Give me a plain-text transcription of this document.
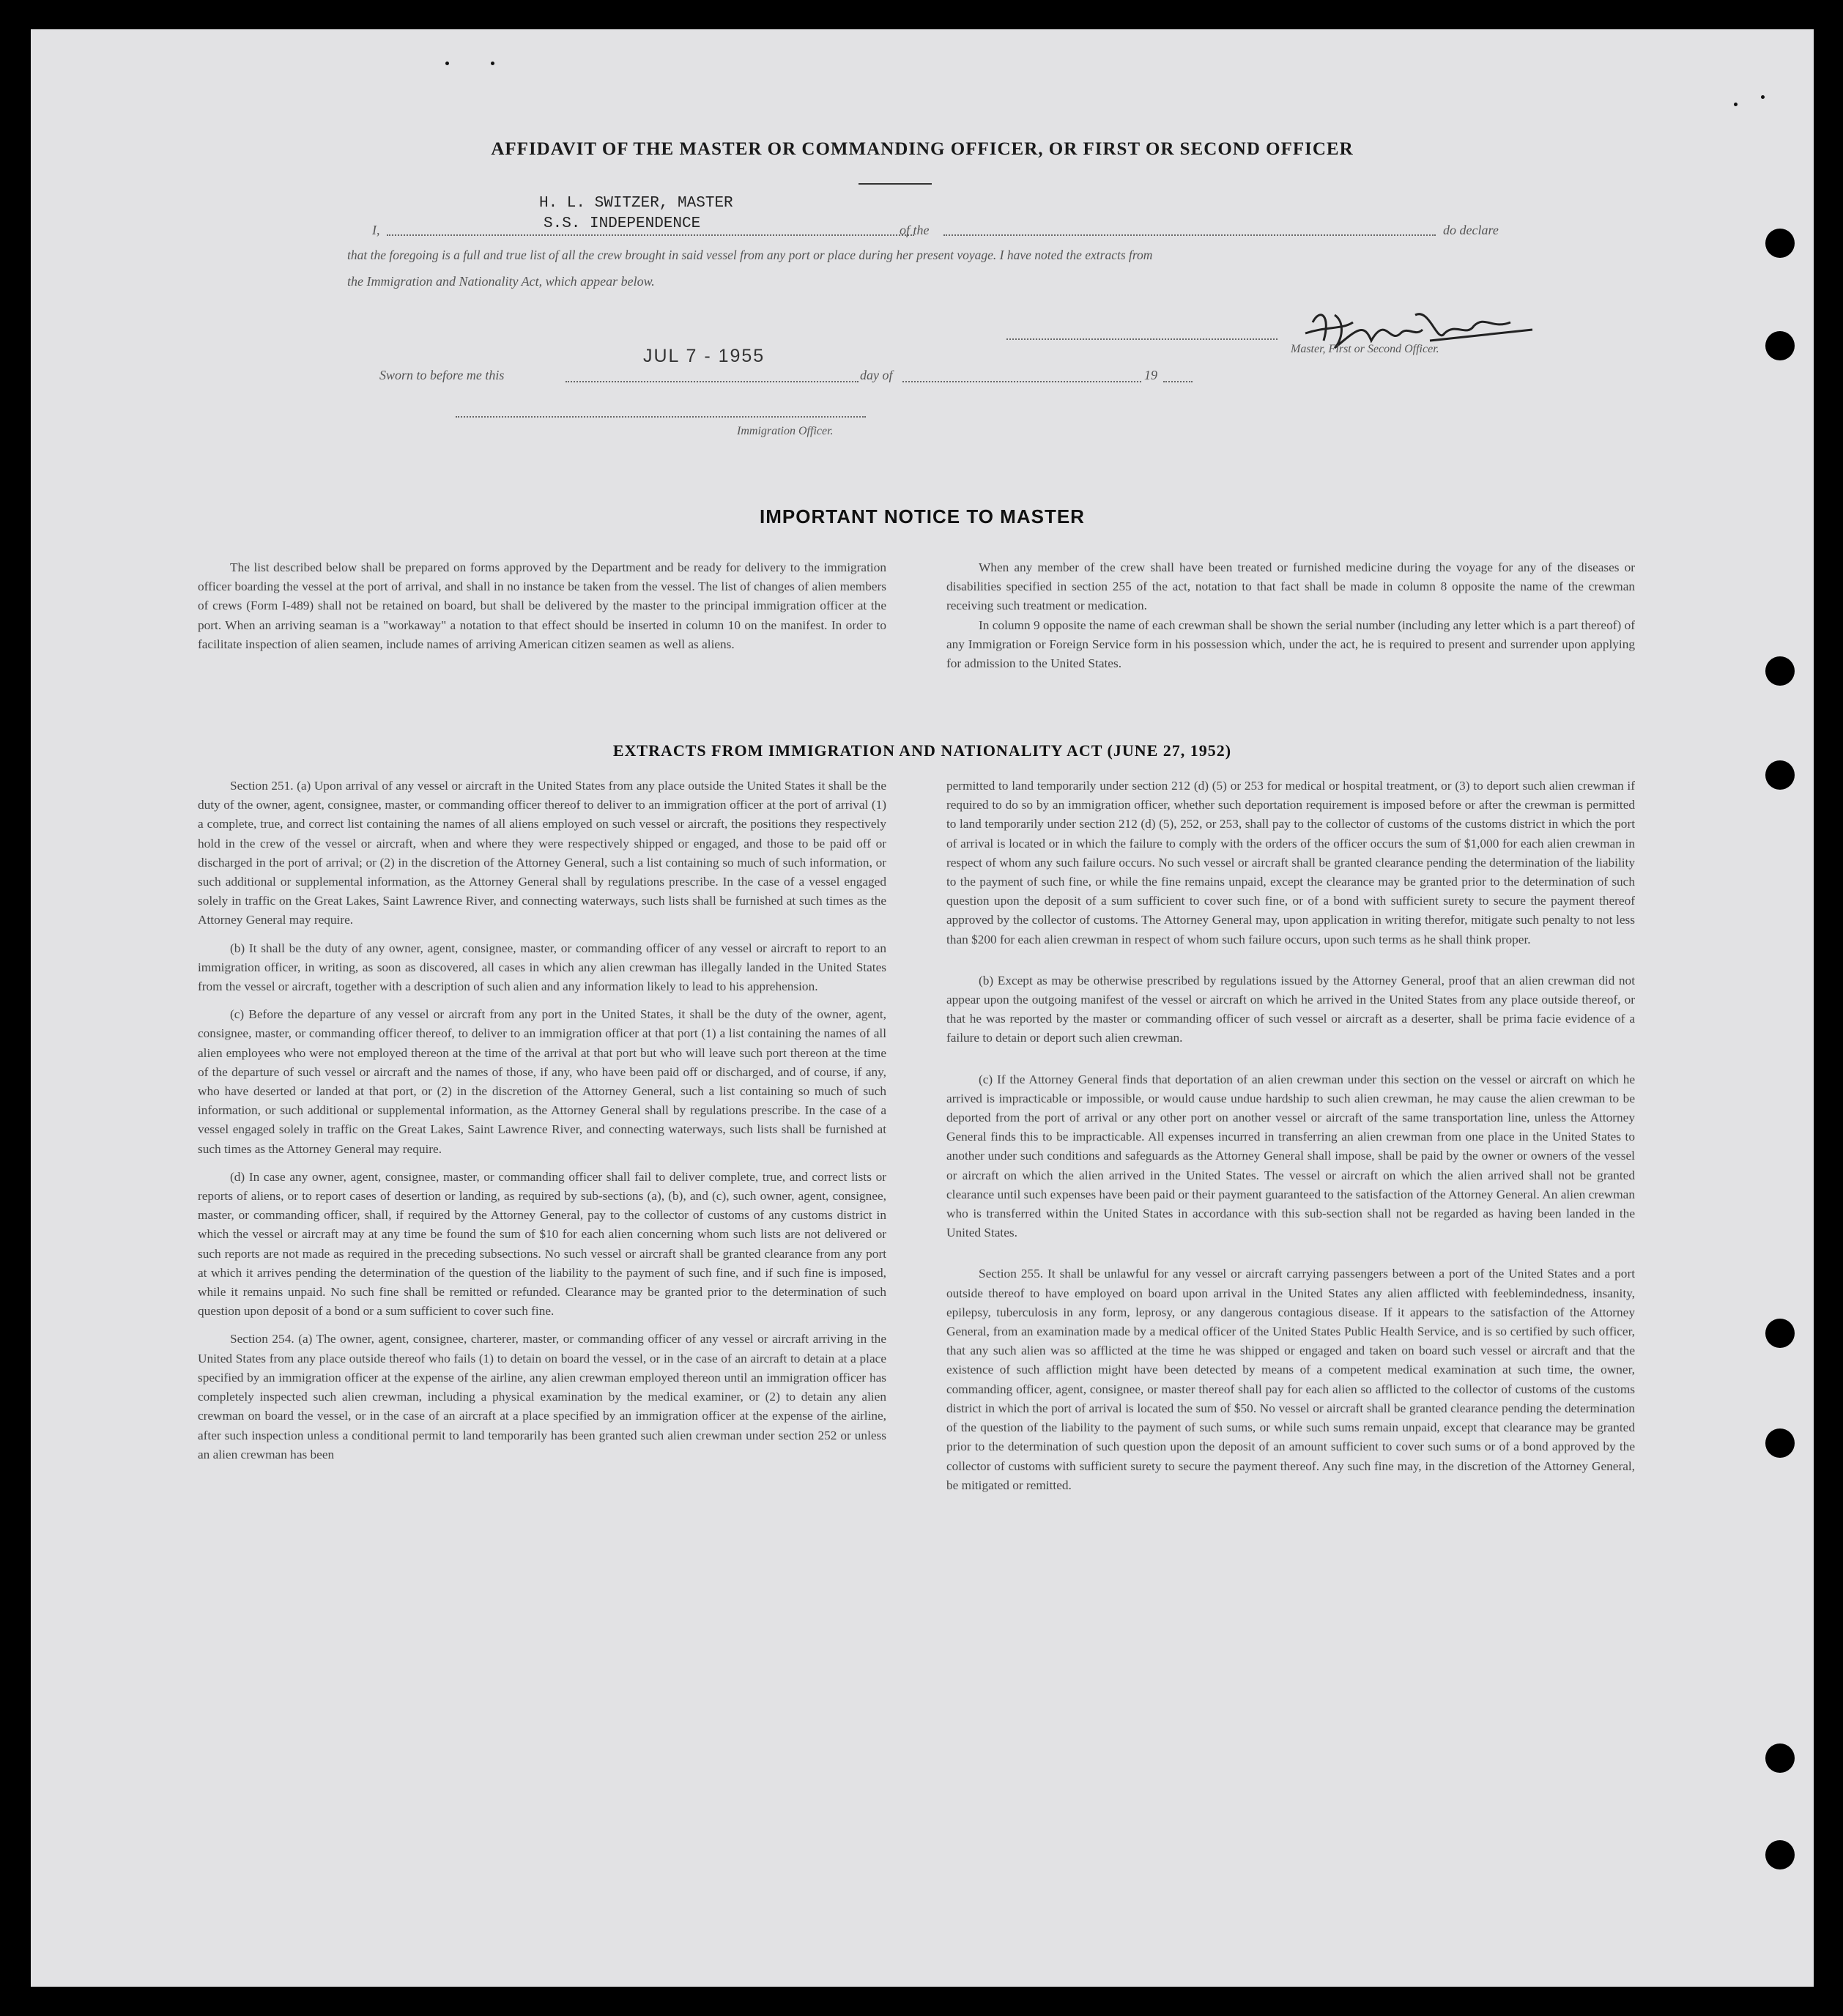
AFFIDAVIT OF THE MASTER OR COMMANDING OFFICER, OR FIRST OR SECOND OFFICER
H. L. SWITZER, MASTER
I,	S.S. INDEPENDENCE	of the	do declare
that the foregoing is a full and true list of all the crew brought in said vessel from any port or place during her present voyage. I have noted the extracts from
the Immigration and Nationality Act, which appear below.
Master, First or Second Officer.
Sworn to before me this
JUL 7 - 1955
day of	19
Immigration Officer.
IMPORTANT NOTICE TO MASTER

The list described below shall be prepared on forms approved by the Department and be ready for delivery to the immigration officer boarding the vessel at the port of arrival, and shall in no instance be taken from the vessel. The list of changes of alien members of crews (Form I-489) shall not be retained on board, but shall be delivered by the master to the principal immigration officer at the port. When an arriving seaman is a "workaway" a notation to that effect should be inserted in column 10 on the manifest. In order to facilitate inspection of alien seamen, include names of arriving American citizen seamen as well as aliens.

When any member of the crew shall have been treated or furnished medicine during the voyage for any of the diseases or disabilities specified in section 255 of the act, notation to that fact shall be made in column 8 opposite the name of the crewman receiving such treatment or medication.

In column 9 opposite the name of each crewman shall be shown the serial number (including any letter which is a part thereof) of any Immigration or Foreign Service form in his possession which, under the act, he is required to present and surrender upon applying for admission to the United States.

EXTRACTS FROM IMMIGRATION AND NATIONALITY ACT (JUNE 27, 1952)

Section 251. (a) Upon arrival of any vessel or aircraft in the United States from any place outside the United States it shall be the duty of the owner, agent, consignee, master, or commanding officer thereof to deliver to an immigration officer at the port of arrival (1) a complete, true, and correct list containing the names of all aliens employed on such vessel or aircraft, the positions they respectively hold in the crew of the vessel or aircraft, when and where they were respectively shipped or engaged, and those to be paid off or discharged in the port of arrival; or (2) in the discretion of the Attorney General, such a list containing so much of such information, or such additional or supplemental information, as the Attorney General shall by regulations prescribe. In the case of a vessel engaged solely in traffic on the Great Lakes, Saint Lawrence River, and connecting waterways, such lists shall be furnished at such times as the Attorney General may require.

(b) It shall be the duty of any owner, agent, consignee, master, or commanding officer of any vessel or aircraft to report to an immigration officer, in writing, as soon as discovered, all cases in which any alien crewman has illegally landed in the United States from the vessel or aircraft, together with a description of such alien and any information likely to lead to his apprehension.

(c) Before the departure of any vessel or aircraft from any port in the United States, it shall be the duty of the owner, agent, consignee, master, or commanding officer thereof, to deliver to an immigration officer at that port (1) a list containing the names of all alien employees who were not employed thereon at the time of the arrival at that port but who will leave such port thereon at the time of the departure of such vessel or aircraft and the names of those, if any, who have been paid off or discharged, and of course, if any, who have deserted or landed at that port, or (2) in the discretion of the Attorney General, such a list containing so much of such information, or such additional or supplemental information, as the Attorney General shall by regulations prescribe. In the case of a vessel engaged solely in traffic on the Great Lakes, Saint Lawrence River, and connecting waterways, such lists shall be furnished at such times as the Attorney General may require.

(d) In case any owner, agent, consignee, master, or commanding officer shall fail to deliver complete, true, and correct lists or reports of aliens, or to report cases of desertion or landing, as required by sub-sections (a), (b), and (c), such owner, agent, consignee, master, or commanding officer, shall, if required by the Attorney General, pay to the collector of customs of any customs district in which the vessel or aircraft may at any time be found the sum of $10 for each alien concerning whom such lists are not delivered or such reports are not made as required in the preceding subsections. No such vessel or aircraft shall be granted clearance from any port at which it arrives pending the determination of the question of the liability to the payment of such fine, and if such fine is imposed, while it remains unpaid. No such fine shall be remitted or refunded. Clearance may be granted prior to the determination of such question upon deposit of a bond or a sum sufficient to cover such fine.

Section 254. (a) The owner, agent, consignee, charterer, master, or commanding officer of any vessel or aircraft arriving in the United States from any place outside thereof who fails (1) to detain on board the vessel, or in the case of an aircraft to detain at a place specified by an immigration officer at the expense of the airline, any alien crewman employed thereon until an immigration officer has completely inspected such alien crewman, including a physical examination by the medical examiner, or (2) to detain any alien crewman on board the vessel, or in the case of an aircraft at a place specified by an immigration officer at the expense of the airline, after such inspection unless a conditional permit to land temporarily has been granted such alien crewman under section 252 or unless an alien crewman has been

permitted to land temporarily under section 212 (d) (5) or 253 for medical or hospital treatment, or (3) to deport such alien crewman if required to do so by an immigration officer, whether such deportation requirement is imposed before or after the crewman is permitted to land temporarily under section 212 (d) (5), 252, or 253, shall pay to the collector of customs of the customs district in which the port of arrival is located or in which the failure to comply with the orders of the officer occurs the sum of $1,000 for each alien crewman in respect of whom any such failure occurs. No such vessel or aircraft shall be granted clearance pending the determination of the liability to the payment of such fine, or while the fine remains unpaid, except the clearance may be granted prior to the determination of such question upon the deposit of a sum sufficient to cover such fine, or of a bond with sufficient surety to secure the payment thereof approved by the collector of customs. The Attorney General may, upon application in writing therefor, mitigate such penalty to not less than $200 for each alien crewman in respect of whom such failure occurs, upon such terms as he shall think proper.

(b) Except as may be otherwise prescribed by regulations issued by the Attorney General, proof that an alien crewman did not appear upon the outgoing manifest of the vessel or aircraft on which he arrived in the United States from any place outside thereof, or that he was reported by the master or commanding officer of such vessel or aircraft as a deserter, shall be prima facie evidence of a failure to detain or deport such alien crewman.

(c) If the Attorney General finds that deportation of an alien crewman under this section on the vessel or aircraft on which he arrived is impracticable or impossible, or would cause undue hardship to such alien crewman, he may cause the alien crewman to be deported from the port of arrival or any other port on another vessel or aircraft of the same transportation line, unless the Attorney General finds this to be impracticable. All expenses incurred in transferring an alien crewman from one place in the United States to another under such conditions and safeguards as the Attorney General shall impose, shall be paid by the owner or owners of the vessel or aircraft on which the alien arrived in the United States. The vessel or aircraft on which the alien arrived shall not be granted clearance until such expenses have been paid or their payment guaranteed to the satisfaction of the Attorney General. An alien crewman who is transferred within the United States in accordance with this sub-section shall not be regarded as having been landed in the United States.

Section 255. It shall be unlawful for any vessel or aircraft carrying passengers between a port of the United States and a port outside thereof to have employed on board upon arrival in the United States any alien afflicted with feeblemindedness, insanity, epilepsy, tuberculosis in any form, leprosy, or any dangerous contagious disease. If it appears to the satisfaction of the Attorney General, from an examination made by a medical officer of the United States Public Health Service, and is so certified by such officer, that any such alien was so afflicted at the time he was shipped or engaged and taken on board such vessel or aircraft and that the existence of such affliction might have been detected by means of a competent medical examination at such time, the owner, commanding officer, agent, consignee, or master thereof shall pay for each alien so afflicted to the collector of customs of the customs district in which the port of arrival is located the sum of $50. No vessel or aircraft shall be granted clearance pending the determination of the question of the liability to the payment of such sums, or while such sums remain unpaid, except that clearance may be granted prior to the determination of such question upon the deposit of an amount sufficient to cover such sums or of a bond approved by the collector of customs with sufficient surety to secure the payment thereof. Any such fine may, in the discretion of the Attorney General, be mitigated or remitted.
